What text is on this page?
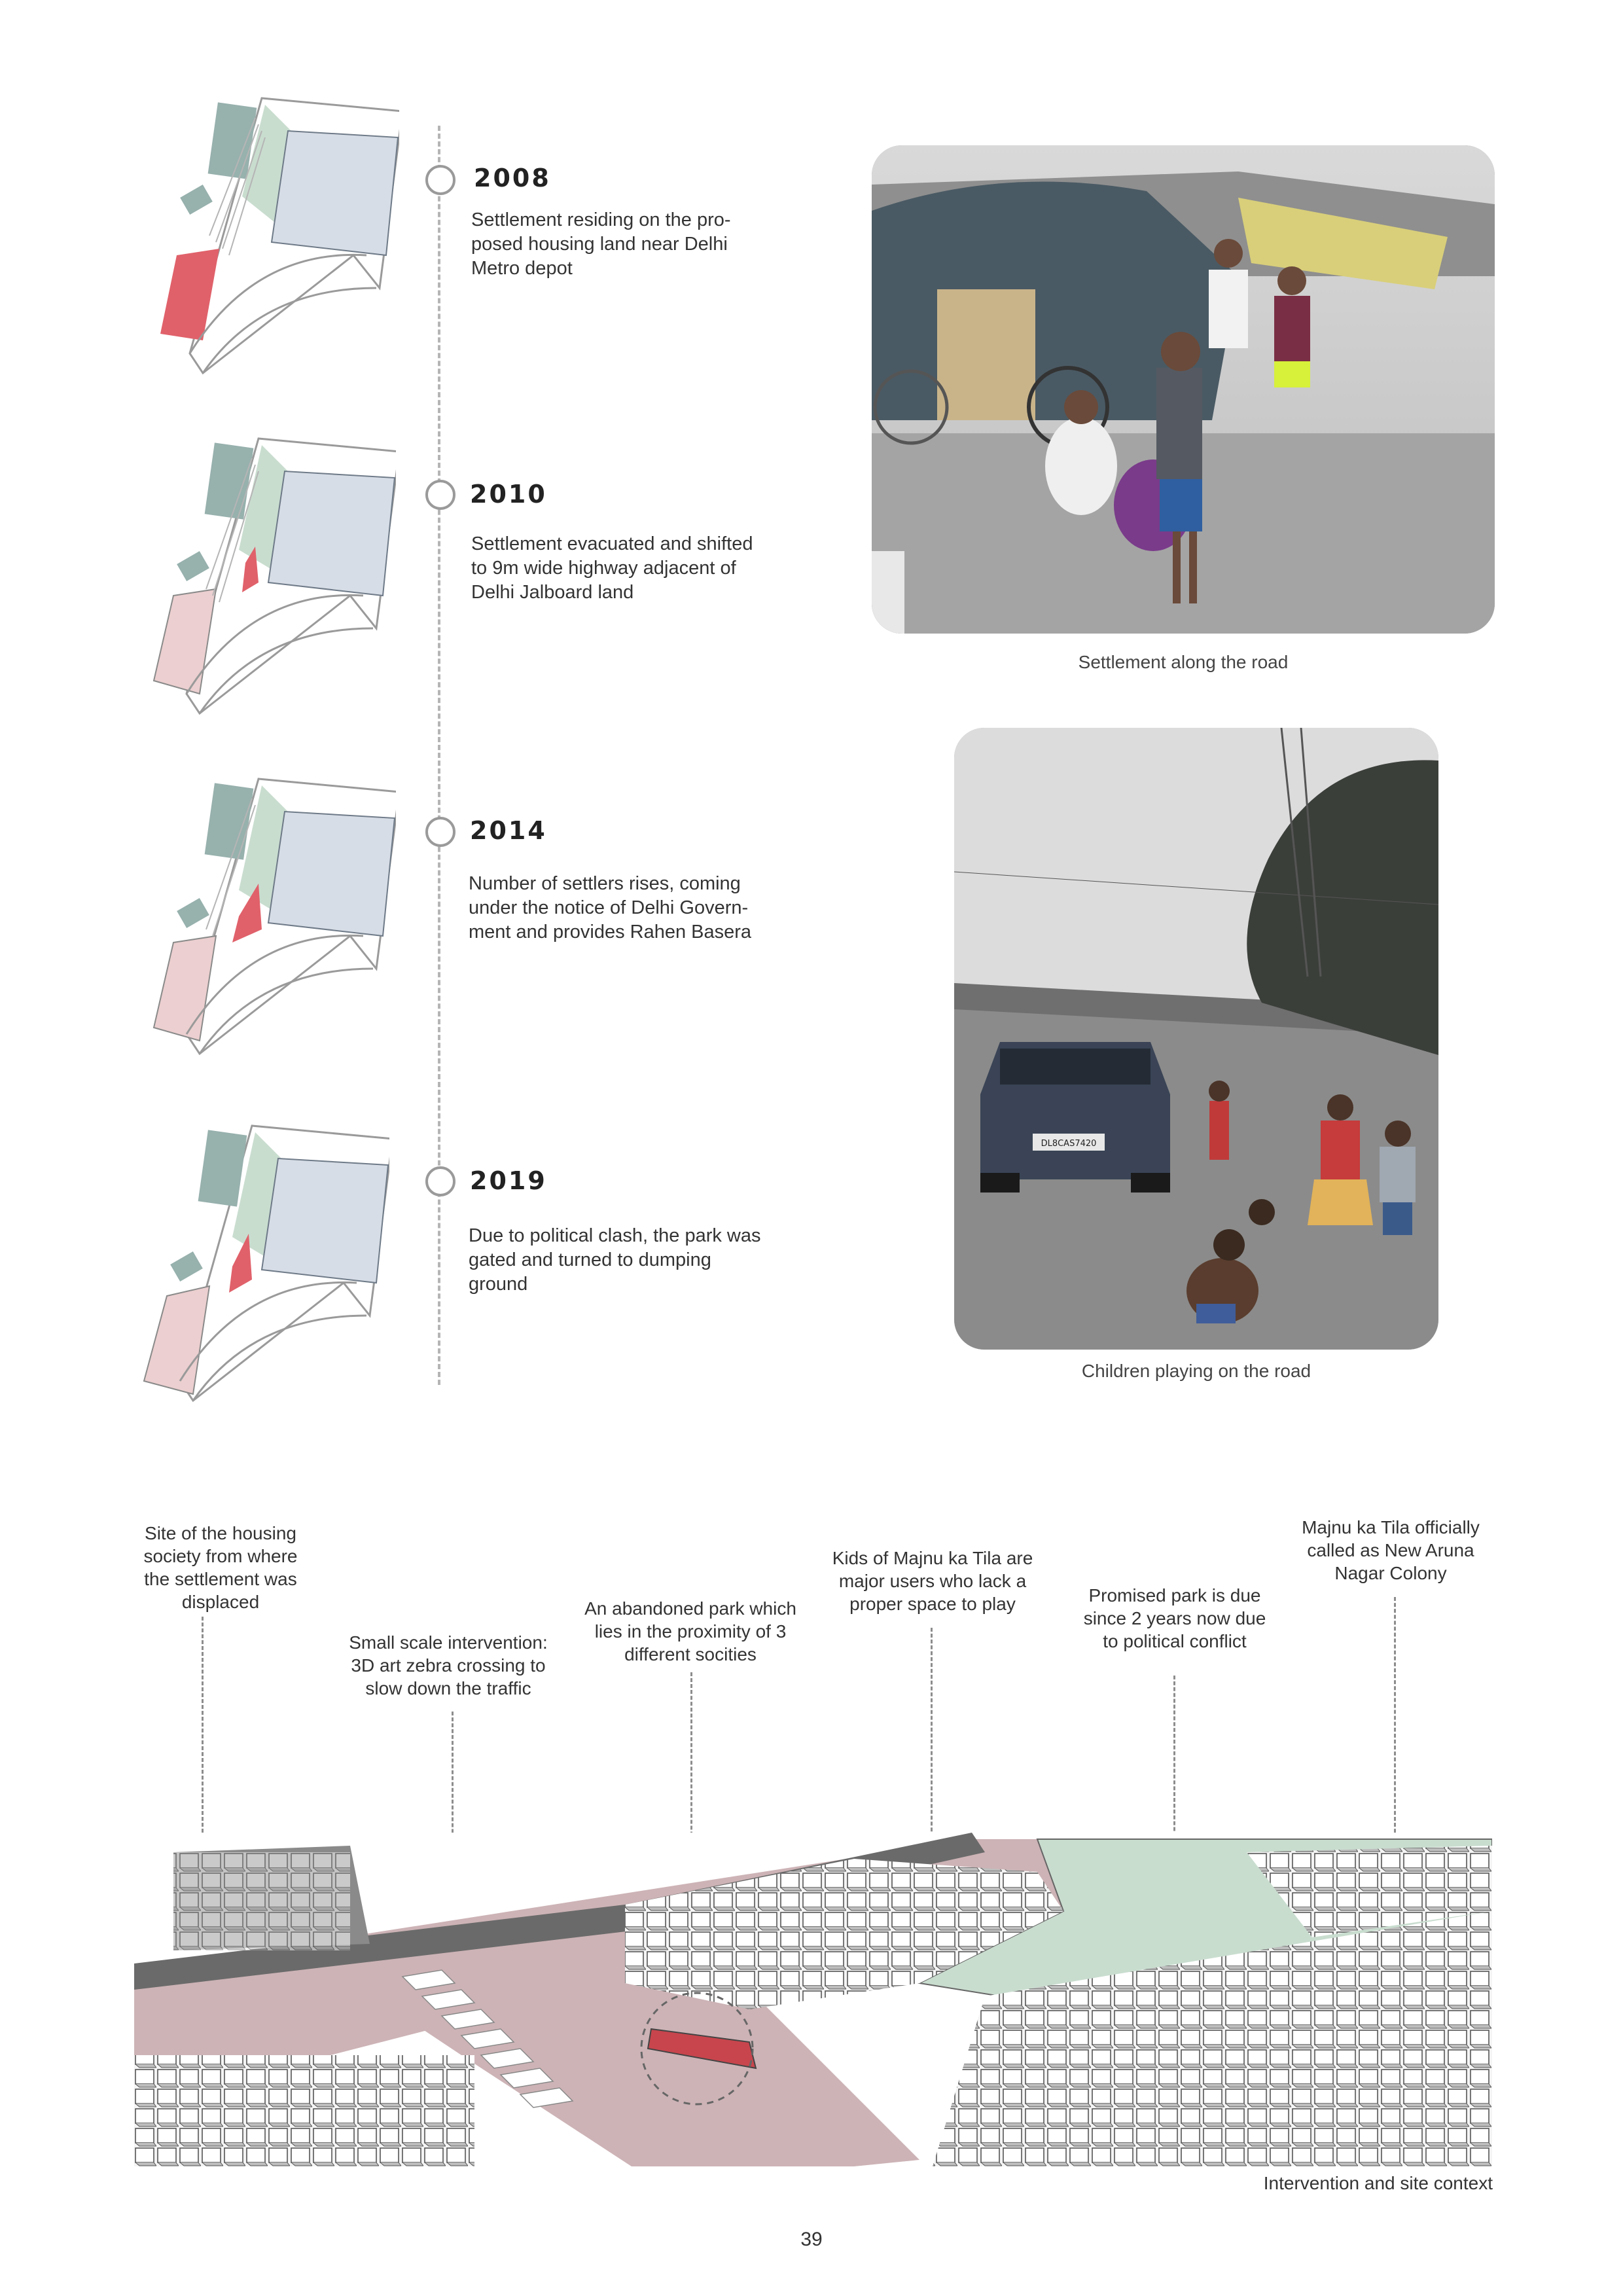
2008
Settlement residing on the pro-
posed housing land near Delhi
Metro depot
2010
Settlement evacuated and shifted
to 9m wide highway adjacent of
Delhi Jalboard land
2014
Number of settlers rises, coming
under the notice of Delhi Govern-
ment and provides Rahen Basera
2019
Due to political clash, the park was
gated and turned to dumping
ground
Settlement along the road
DL8CAS7420
Children playing on the road
Site of the housing
society from where
the settlement was
displaced
Small scale intervention:
3D art zebra crossing to
slow down the traffic
An abandoned park which
lies in the proximity of 3
different socities
Kids of Majnu ka Tila are
major users who lack a
proper space to play	Promised park is due
since 2 years now due
to political conflict
Majnu ka Tila officially
called as New Aruna
Nagar Colony
Intervention and site context
39
